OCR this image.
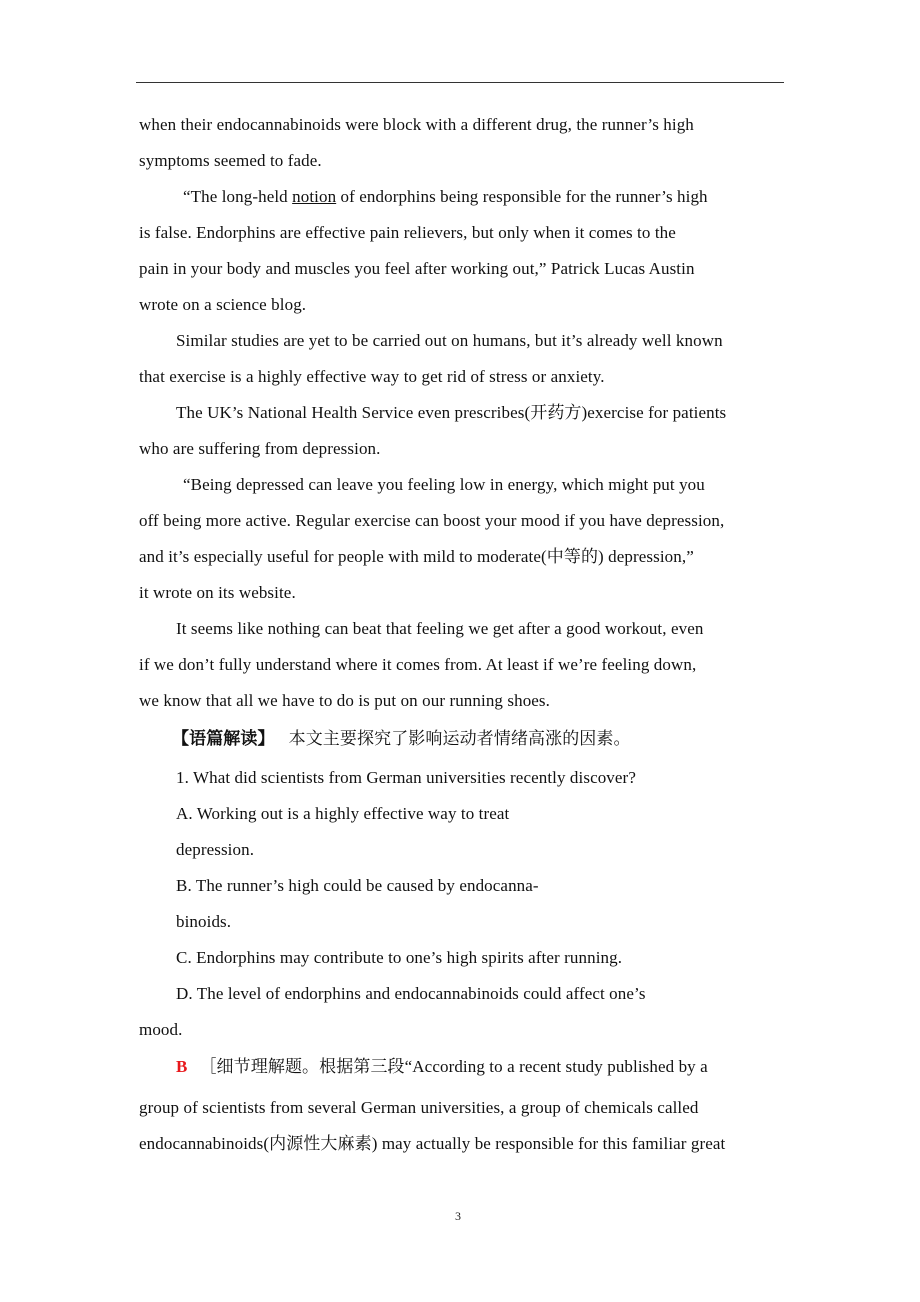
when their endocannabinoids were block with a different drug, the runner’s high
symptoms seemed to fade.
“The long-held notion of endorphins being responsible for the runner’s high
is false. Endorphins are effective pain relievers, but only when it comes to the
pain in your body and muscles you feel after working out,” Patrick Lucas Austin
wrote on a science blog.
Similar studies are yet to be carried out on humans, but it’s already well known
that exercise is a highly effective way to get rid of stress or anxiety.
The UK’s National Health Service even prescribes(开药方)exercise for patients
who are suffering from depression.
“Being depressed can leave you feeling low in energy, which might put you
off being more active. Regular exercise can boost your mood if you have depression,
and it’s especially useful for people with mild to moderate(中等的) depression,”
it wrote on its website.
It seems like nothing can beat that feeling we get after a good workout, even
if we don’t fully understand where it comes from. At least if we’re feeling down,
we know that all we have to do is put on our running shoes.
【语篇解读】 本文主要探究了影响运动者情绪高涨的因素。
1. What did scientists from German universities recently discover?
A. Working out is a highly effective way to treat
depression.
B. The runner’s high could be caused by endocanna-
binoids.
C. Endorphins may contribute to one’s high spirits after running.
D. The level of endorphins and endocannabinoids could affect one’s
mood.
B ［细节理解题。根据第三段“According to a recent study published by a
group of scientists from several German universities, a group of chemicals called
endocannabinoids(内源性大麻素) may actually be responsible for this familiar great
3
